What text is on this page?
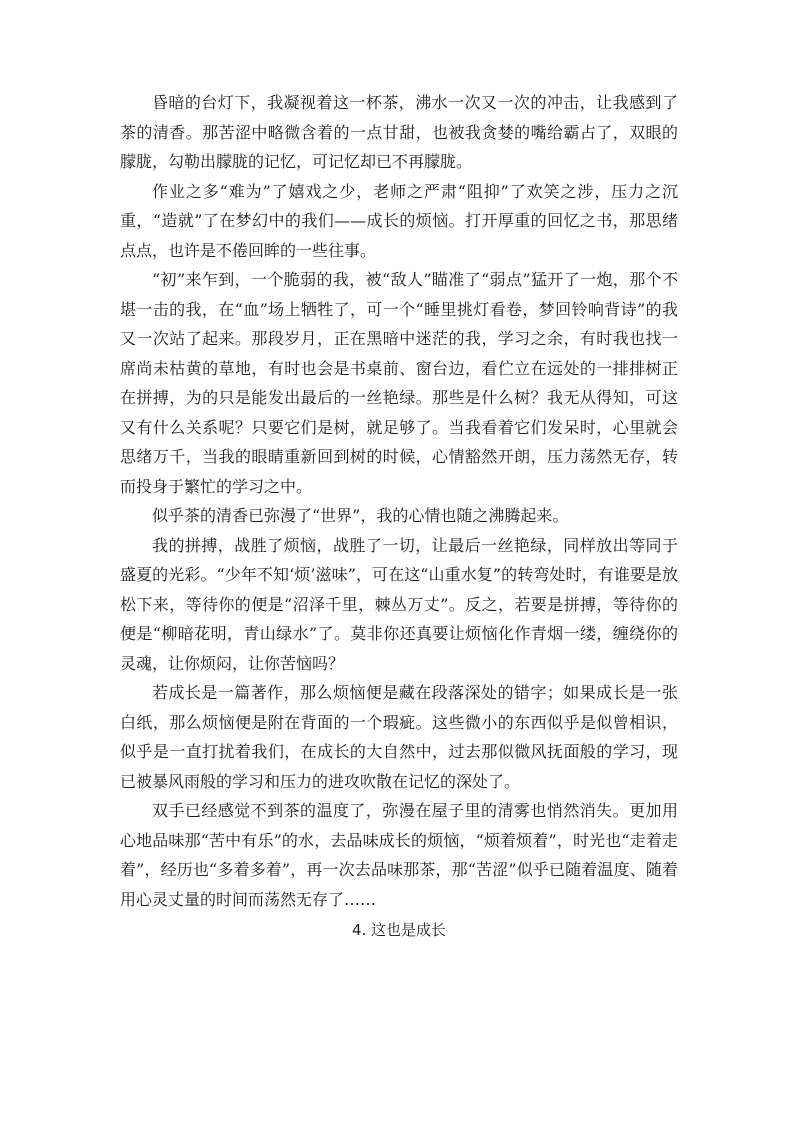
昏暗的台灯下，我凝视着这一杯茶，沸水一次又一次的冲击，让我感到了茶的清香。那苦涩中略微含着的一点甘甜，也被我贪婪的嘴给霸占了，双眼的朦胧，勾勒出朦胧的记忆，可记忆却已不再朦胧。

作业之多“难为”了嬉戏之少，老师之严肃“阻抑”了欢笑之涉，压力之沉重，“造就”了在梦幻中的我们——成长的烦恼。打开厚重的回忆之书，那思绪点点，也许是不倦回眸的一些往事。

“初”来乍到，一个脆弱的我，被“敌人”瞄准了“弱点”猛开了一炮，那个不堪一击的我，在“血”场上牺牲了，可一个“睡里挑灯看卷，梦回铃响背诗”的我又一次站了起来。那段岁月，正在黑暗中迷茫的我，学习之余，有时我也找一席尚未枯黄的草地，有时也会是书桌前、窗台边，看伫立在远处的一排排树正在拼搏，为的只是能发出最后的一丝艳绿。那些是什么树？我无从得知，可这又有什么关系呢？只要它们是树，就足够了。当我看着它们发呆时，心里就会思绪万千，当我的眼睛重新回到树的时候，心情豁然开朗，压力荡然无存，转而投身于繁忙的学习之中。

似乎茶的清香已弥漫了“世界”，我的心情也随之沸腾起来。

我的拼搏，战胜了烦恼，战胜了一切，让最后一丝艳绿，同样放出等同于盛夏的光彩。“少年不知‘烦’滋味”，可在这“山重水复”的转弯处时，有谁要是放松下来，等待你的便是“沼泽千里，棘丛万丈”。反之，若要是拼搏，等待你的便是“柳暗花明，青山绿水”了。莫非你还真要让烦恼化作青烟一缕，缠绕你的灵魂，让你烦闷，让你苦恼吗？

若成长是一篇著作，那么烦恼便是藏在段落深处的错字；如果成长是一张白纸，那么烦恼便是附在背面的一个瑕疵。这些微小的东西似乎是似曾相识，似乎是一直打扰着我们，在成长的大自然中，过去那似微风抚面般的学习，现已被暴风雨般的学习和压力的进攻吹散在记忆的深处了。

双手已经感觉不到茶的温度了，弥漫在屋子里的清雾也悄然消失。更加用心地品味那“苦中有乐”的水，去品味成长的烦恼，“烦着烦着”，时光也“走着走着”，经历也“多着多着”，再一次去品味那茶，那“苦涩”似乎已随着温度、随着用心灵丈量的时间而荡然无存了……

4. 这也是成长
